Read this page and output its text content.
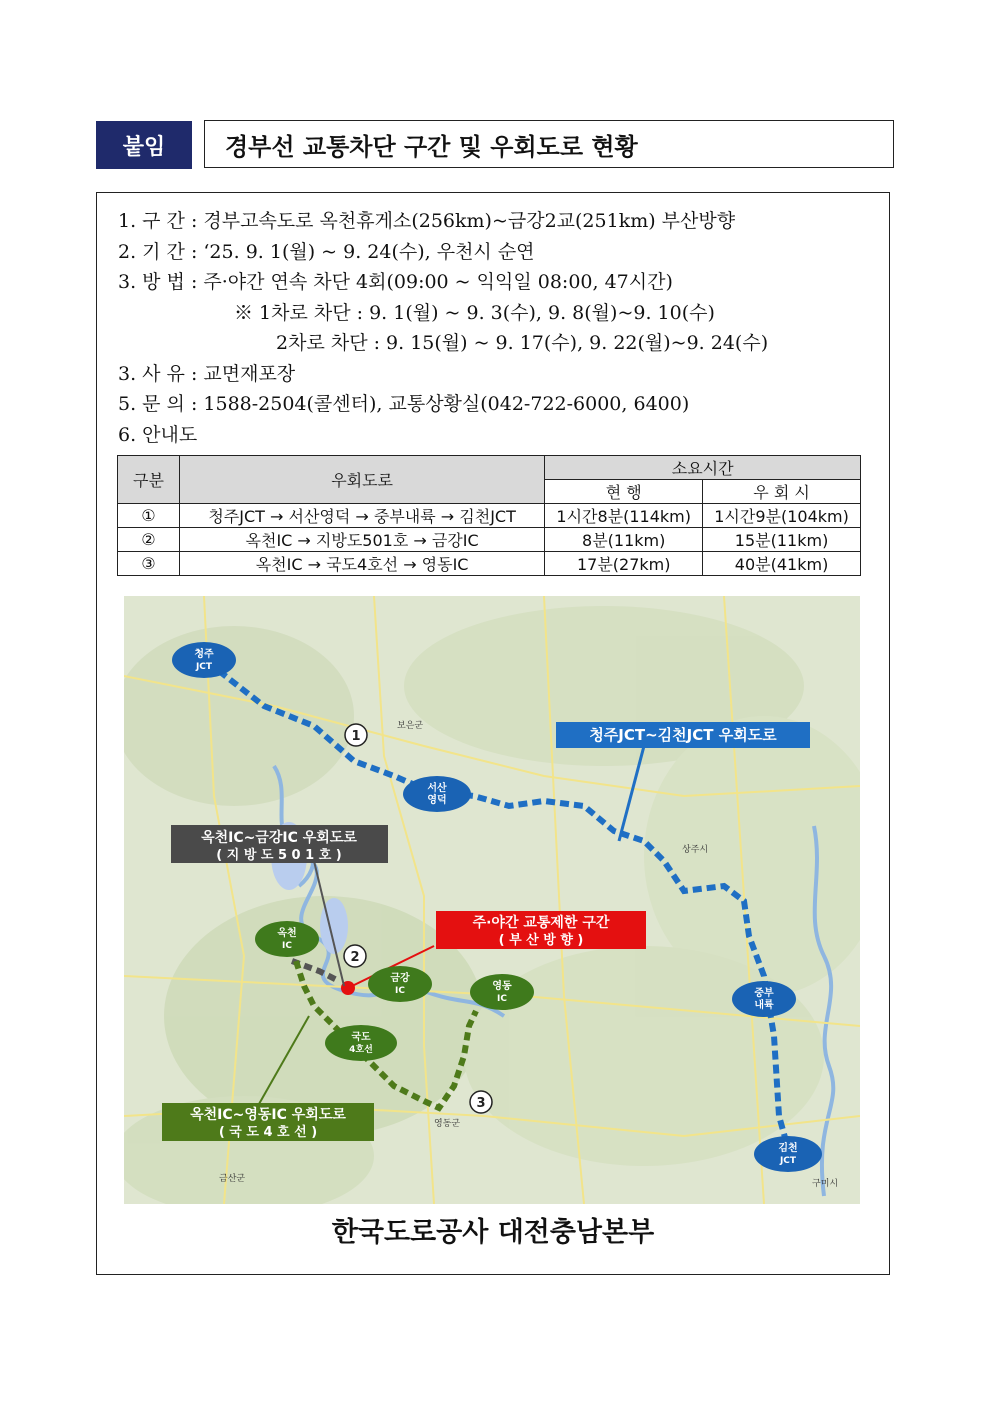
붙임	경부선 교통차단 구간 및 우회도로 현황
1. 구 간 : 경부고속도로 옥천휴게소(256km)~금강2교(251km) 부산방향
2. 기 간 : ‘25. 9. 1(월) ~ 9. 24(수), 우천시 순연
3. 방 법 : 주·야간 연속 차단 4회(09:00 ~ 익익일 08:00, 47시간)
※ 1차로 차단 : 9. 1(월) ~ 9. 3(수), 9. 8(월)~9. 10(수)
2차로 차단 : 9. 15(월) ~ 9. 17(수), 9. 22(월)~9. 24(수)
3. 사 유 : 교면재포장
5. 문 의 : 1588-2504(콜센터), 교통상황실(042-722-6000, 6400)
6. 안내도
구분	우회도로	소요시간	
		현 행	우 회 시
①	청주JCT → 서산영덕 → 중부내륙 → 김천JCT	1시간8분(114km)	1시간9분(104km)
②	옥천IC → 지방도501호 → 금강IC	8분(11km)	15분(11km)
③	옥천IC → 국도4호선 → 영동IC	17분(27km)	40분(41km)
청주
JCT
서산
영덕
옥천
IC
금강
IC	영동
IC
국도
4호선
중부
내륙
김천
JCT
1
2
3
보은군
상주시
영동군
금산군	구미시
청주JCT~김천JCT 우회도로
옥천IC~금강IC 우회도로
( 지 방 도 5 0 1 호 )
주·야간 교통제한 구간
( 부 산 방 향 )
옥천IC~영동IC 우회도로
( 국 도 4 호 선 )
한국도로공사 대전충남본부
